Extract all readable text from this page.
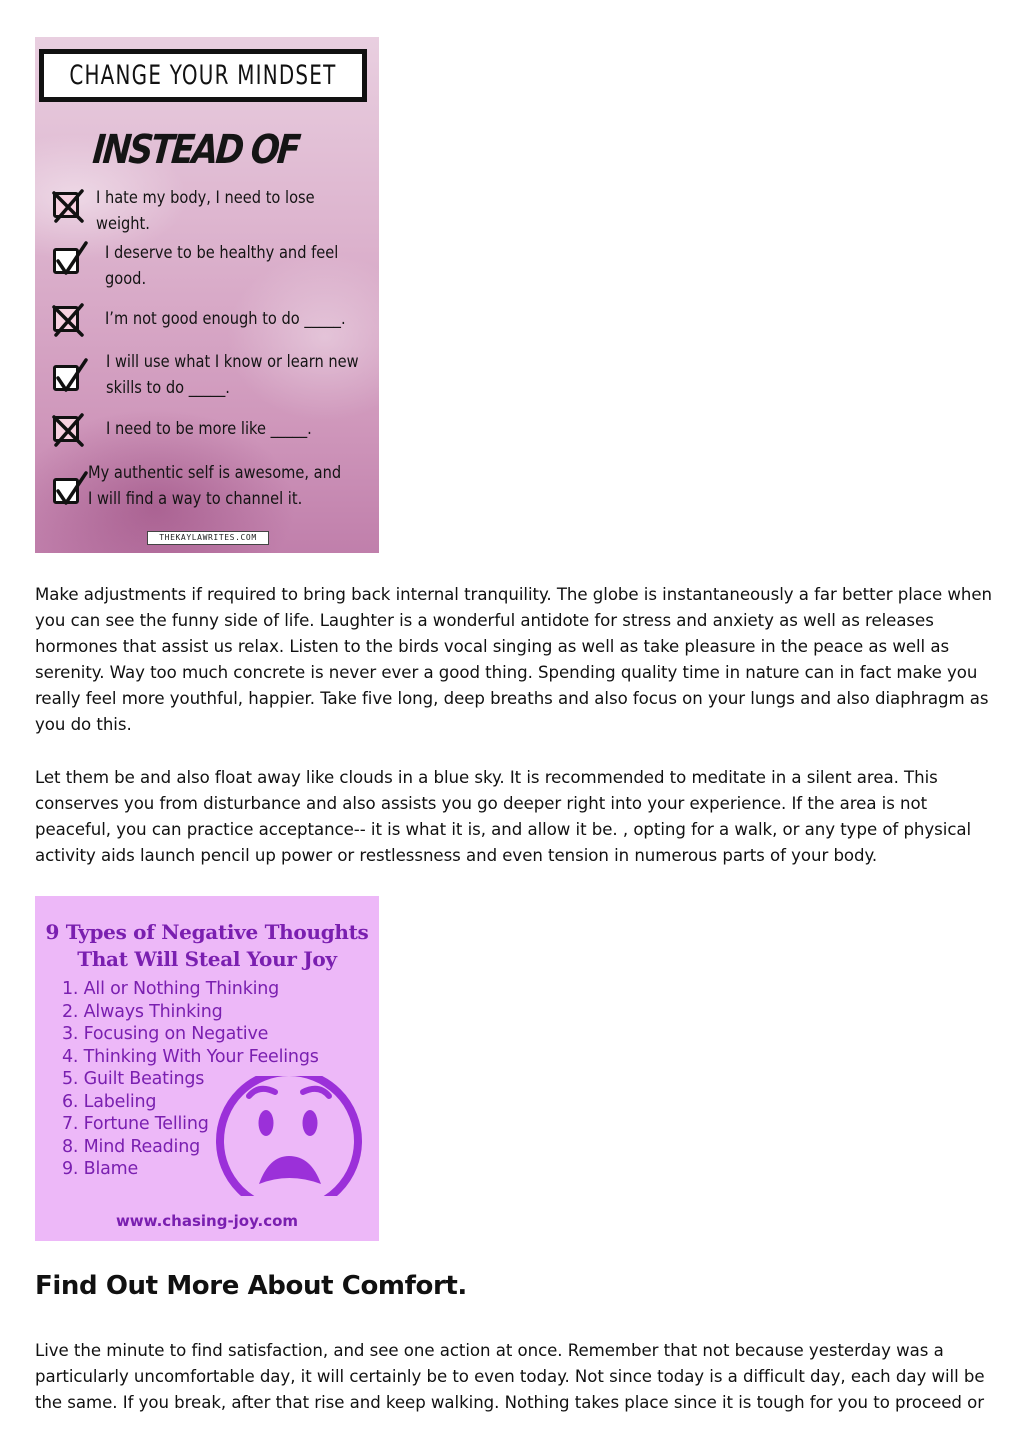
CHANGE YOUR MINDSET
INSTEAD OF
I hate my body, I need to lose
weight.
I deserve to be healthy and feel
good.
I’m not good enough to do _____.
I will use what I know or learn new
skills to do _____.
I need to be more like _____.
My authentic self is awesome, and
I will find a way to channel it.
THEKAYLAWRITES.COM

Make adjustments if required to bring back internal tranquility. The globe is instantaneously a far better place when you can see the funny side of life. Laughter is a wonderful antidote for stress and anxiety as well as releases hormones that assist us relax. Listen to the birds vocal singing as well as take pleasure in the peace as well as serenity. Way too much concrete is never ever a good thing. Spending quality time in nature can in fact make you really feel more youthful, happier. Take five long, deep breaths and also focus on your lungs and also diaphragm as you do this.

Let them be and also float away like clouds in a blue sky. It is recommended to meditate in a silent area. This conserves you from disturbance and also assists you go deeper right into your experience. If the area is not peaceful, you can practice acceptance-- it is what it is, and allow it be. , opting for a walk, or any type of physical activity aids launch pencil up power or restlessness and even tension in numerous parts of your body.

9 Types of Negative Thoughts
That Will Steal Your Joy
1. All or Nothing Thinking
2. Always Thinking
3. Focusing on Negative
4. Thinking With Your Feelings
5. Guilt Beatings
6. Labeling
7. Fortune Telling
8. Mind Reading
9. Blame
www.chasing-joy.com
Find Out More About Comfort.

Live the minute to find satisfaction, and see one action at once. Remember that not because yesterday was a particularly uncomfortable day, it will certainly be to even today. Not since today is a difficult day, each day will be the same. If you break, after that rise and keep walking. Nothing takes place since it is tough for you to proceed or
